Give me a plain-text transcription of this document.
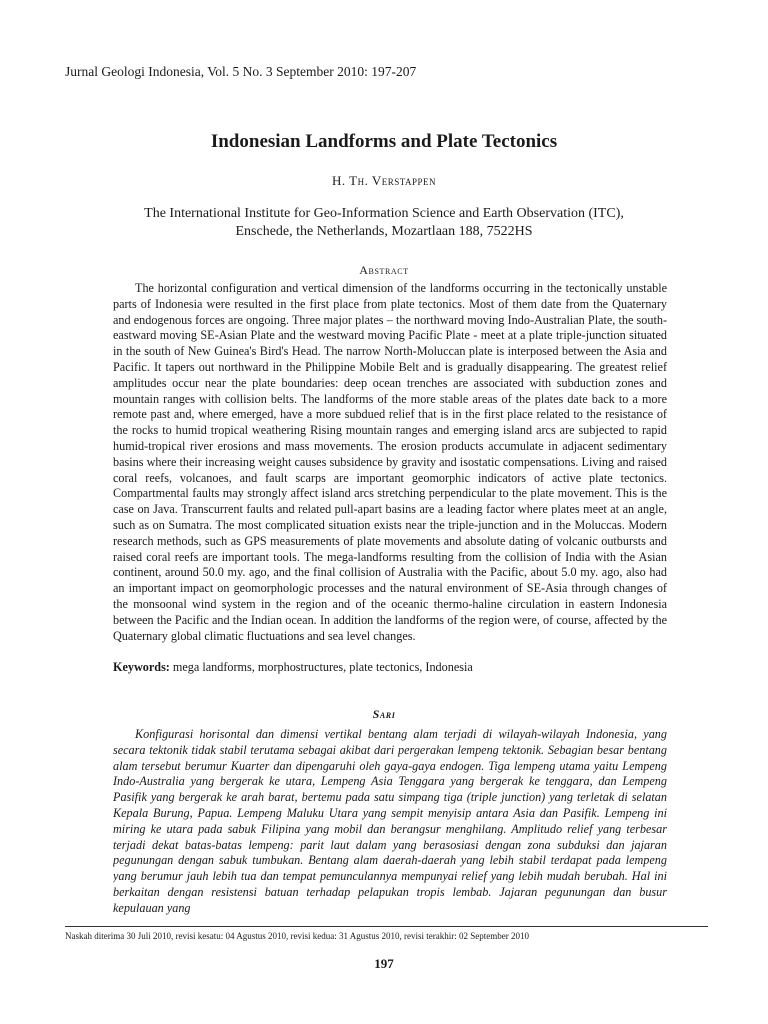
Jurnal Geologi Indonesia, Vol. 5 No. 3 September 2010: 197-207
Indonesian Landforms and Plate Tectonics
H. Th. Verstappen
The International Institute for Geo-Information Science and Earth Observation (ITC),
Enschede, the Netherlands, Mozartlaan 188, 7522HS
Abstract

The horizontal configuration and vertical dimension of the landforms occurring in the tectonically unstable parts of Indonesia were resulted in the first place from plate tectonics. Most of them date from the Quaternary and endogenous forces are ongoing. Three major plates – the northward moving Indo-Australian Plate, the south-eastward moving SE-Asian Plate and the westward moving Pacific Plate - meet at a plate triple-junction situated in the south of New Guinea's Bird's Head. The narrow North-Moluccan plate is interposed between the Asia and Pacific. It tapers out northward in the Philippine Mobile Belt and is gradually disappearing. The greatest relief amplitudes occur near the plate boundaries: deep ocean trenches are associated with subduction zones and mountain ranges with collision belts. The landforms of the more stable areas of the plates date back to a more remote past and, where emerged, have a more subdued relief that is in the first place related to the resistance of the rocks to humid tropical weathering Rising mountain ranges and emerging island arcs are subjected to rapid humid-tropical river erosions and mass movements. The erosion products accumulate in adjacent sedimentary basins where their increasing weight causes subsidence by gravity and isostatic compensations. Living and raised coral reefs, volcanoes, and fault scarps are important geomorphic indicators of active plate tectonics. Compartmental faults may strongly affect island arcs stretching perpendicular to the plate movement. This is the case on Java. Transcurrent faults and related pull-apart basins are a leading factor where plates meet at an angle, such as on Sumatra. The most complicated situation exists near the triple-junction and in the Moluccas. Modern research methods, such as GPS measurements of plate movements and absolute dating of volcanic outbursts and raised coral reefs are important tools. The mega-landforms resulting from the collision of India with the Asian continent, around 50.0 my. ago, and the final collision of Australia with the Pacific, about 5.0 my. ago, also had an important impact on geomorphologic processes and the natural environment of SE-Asia through changes of the monsoonal wind system in the region and of the oceanic thermo-haline circulation in eastern Indonesia between the Pacific and the Indian ocean. In addition the landforms of the region were, of course, affected by the Quaternary global climatic fluctuations and sea level changes.

Keywords: mega landforms, morphostructures, plate tectonics, Indonesia

Sari

Konfigurasi horisontal dan dimensi vertikal bentang alam terjadi di wilayah-wilayah Indonesia, yang secara tektonik tidak stabil terutama sebagai akibat dari pergerakan lempeng tektonik. Sebagian besar bentang alam tersebut berumur Kuarter dan dipengaruhi oleh gaya-gaya endogen. Tiga lempeng utama yaitu Lempeng Indo-Australia yang bergerak ke utara, Lempeng Asia Tenggara yang bergerak ke tenggara, dan Lempeng Pasifik yang bergerak ke arah barat, bertemu pada satu simpang tiga (triple junction) yang terletak di selatan Kepala Burung, Papua. Lempeng Maluku Utara yang sempit menyisip antara Asia dan Pasifik. Lempeng ini miring ke utara pada sabuk Filipina yang mobil dan berangsur menghilang. Amplitudo relief yang terbesar terjadi dekat batas-batas lempeng: parit laut dalam yang berasosiasi dengan zona subduksi dan jajaran pegunungan dengan sabuk tumbukan. Bentang alam daerah-daerah yang lebih stabil terdapat pada lempeng yang berumur jauh lebih tua dan tempat pemunculannya mempunyai relief yang lebih mudah berubah. Hal ini berkaitan dengan resistensi batuan terhadap pelapukan tropis lembab. Jajaran pegunungan dan busur kepulauan yang

Naskah diterima 30 Juli 2010, revisi kesatu: 04 Agustus 2010, revisi kedua: 31 Agustus 2010, revisi terakhir: 02 September 2010
197
